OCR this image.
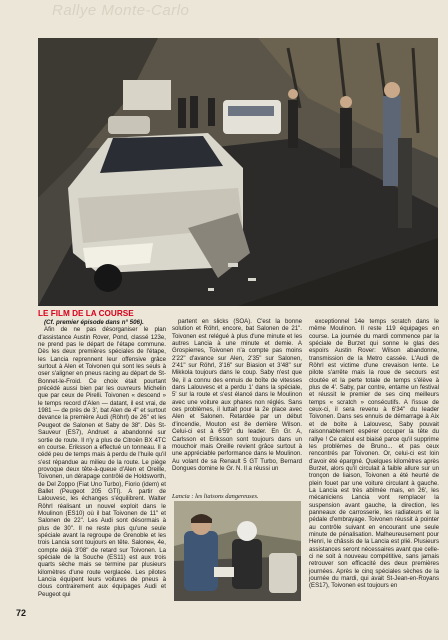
Rallye Monte-Carlo
LE FILM DE LA COURSE

(Cf. premier épisode dans n° 506).

Afin de ne pas désorganiser le plan d'assistance Austin Rover, Pond, classé 123e, ne prend pas le départ de l'étape commune. Dès les deux premières spéciales de l'étape, les Lancia reprennent leur offensive grâce surtout à Alen et Toivonen qui sont les seuls à oser s'aligner en pneus racing au départ de St-Bonnet-le-Froid. Ce choix était pourtant précédé aussi bien par les ouvreurs Michelin que par ceux de Pirelli. Toivonen « descend » le temps record d'Alen — datant, il est vrai, de 1981 — de près de 3', bat Alen de 4" et surtout devance la première Audi (Röhrl) de 26" et les Peugeot de Salonen et Saby de 38". Dès St-Sauveur (ES7), Andruet a abandonné sur sortie de route. Il n'y a plus de Citroën BX 4TC en course. Eriksson a effectué un tonneau. Il a cédé peu de temps mais à perdu de l'huile qu'il s'est répandue au milieu de la route. Le piège provoque deux tête-à-queue d'Alen et Oreille, Toivonen, un dérapage contrôlé de Holdsworth, de Del Zoppo (Fiat Uno Turbo), Fiorio (idem) et Ballet (Peugeot 205 GTI). A partir de Lalouvesc, les échanges s'équilibrent. Walter Röhrl réalisant un nouvel exploit dans le Moulinon (ES10) où il bat Toivonen de 11" et Salonen de 22". Les Audi sont désormais à plus de 30". Il ne reste plus qu'une seule spéciale avant la regroupe de Grenoble et les trois Lancia sont toujours en tête. Saloneн, 4e, compte déjà 3'08" de retard sur Toivonen. La spéciale de la Souche (ES11) est aux trois quarts sèche mais se termine par plusieurs kilomètres d'une route verglacée. Les pilotes Lancia équipent leurs voitures de pneus à clous contrairement aux équipages Audi et Peugeot qui

partent en slicks (SOA). C'est la bonne solution et Röhrl, encore, bat Salonen de 21". Toivonen est relégué à plus d'une minute et les autres Lancia à une minute et demie. A Grospierres, Toivonen n'a compte pas moins 2'22" d'avance sur Alen, 2'35" sur Salonen, 2'41" sur Röhrl, 3'16" sur Biasion et 3'48" sur Mikkola toujours dans le coup. Saby n'est que 9e, il a connu des ennuis de boîte de vitesses dans Lalouvesc et a perdu 1' dans la spéciale, 5' sur la route et s'est élancé dans le Moulinon avec une voiture aux phares non réglés. Sans ces problèmes, il luttait pour la 2e place avec Alen et Salonen. Retardée par un début d'incendie, Mouton est 8e derrière Wilson. Celui-ci est à 6'59" du leader. En Gr. A, Carlsson et Eriksson sont toujours dans un mouchoir mais Oreille revient grâce surtout à une appréciable performance dans le Moulinon. Au volant de sa Renault 5 GT Turbo, Bernard Dongues domine le Gr. N. Il a réussi un

Lancia : les liaisons dangereuses.

exceptionnel 14e temps scratch dans le même Moulinon. Il reste 119 équipages en course. La journée du mardi commence par la spéciale de Burzet qui sonne le glas des espoirs Austin Rover: Wilson abandonne, transmission de la Metro cassée. L'Audi de Röhrl est victime d'une crevaison lente. Le pilote s'arrête mais la roue de secours est cloutée et la perte totale de temps s'élève à plus de 4'. Saby, par contre, entame un festival et réussit le premier de ses cinq meilleurs temps « scratch » consécutifs. A l'issue de ceux-ci, il sera revenu à 6'34" du leader Toivonen. Dans ses ennuis de démarrage à Aix et de boîte à Lalouvesc, Saby pouvait raisonnablement espérer occuper la tête du rallye ! Ce calcul est biaisé parce qu'il supprime les problèmes de Bruno... et pas ceux rencontrés par Toivonen. Or, celui-ci est loin d'avoir été épargné. Quelques kilomètres après Burzet, alors qu'il circulait à faible allure sur un tronçon de liaison, Toivonen a été heurté de plein fouet par une voiture circulant à gauche. La Lancia est très abîmée mais, en 26', les mécaniciens Lancia vont remplacer la suspension avant gauche, la direction, les panneaux de carrosserie, les radiateurs et la pédale d'embrayage. Toivonen réussit à pointer au contrôle suivant en encourant une seule minute de pénalisation. Malheureusement pour Henri, le châssis de la Lancia est plié. Plusieurs assistances seront nécessaires avant que celle-ci ne soit à nouveau compétitive, sans jamais retrouver son efficacité des deux premières journées. Après le cinq spéciales sèches de la journée du mardi, qui avait St-Jean-en-Royans (ES17), Toivonen est toujours en

72
